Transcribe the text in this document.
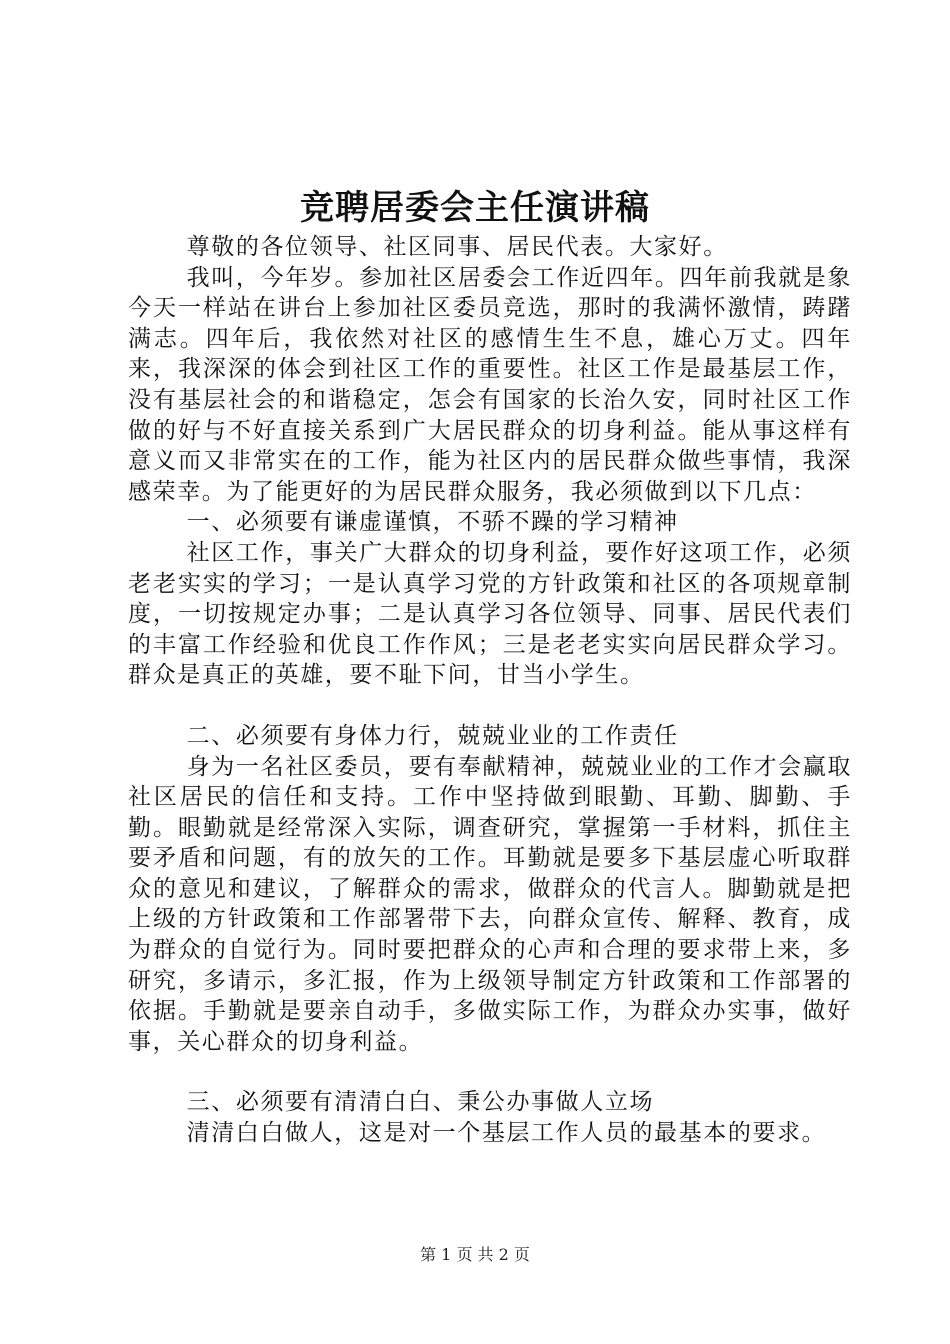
竞聘居委会主任演讲稿

尊敬的各位领导、社区同事、居民代表。大家好。

我叫，今年岁。参加社区居委会工作近四年。四年前我就是象今天一样站在讲台上参加社区委员竞选，那时的我满怀激情，踌躇满志。四年后，我依然对社区的感情生生不息，雄心万丈。四年来，我深深的体会到社区工作的重要性。社区工作是最基层工作，没有基层社会的和谐稳定，怎会有国家的长治久安，同时社区工作做的好与不好直接关系到广大居民群众的切身利益。能从事这样有意义而又非常实在的工作，能为社区内的居民群众做些事情，我深感荣幸。为了能更好的为居民群众服务，我必须做到以下几点：

一、必须要有谦虚谨慎，不骄不躁的学习精神

社区工作，事关广大群众的切身利益，要作好这项工作，必须老老实实的学习；一是认真学习党的方针政策和社区的各项规章制度，一切按规定办事；二是认真学习各位领导、同事、居民代表们的丰富工作经验和优良工作作风；三是老老实实向居民群众学习。群众是真正的英雄，要不耻下问，甘当小学生。

二、必须要有身体力行，兢兢业业的工作责任

身为一名社区委员，要有奉献精神，兢兢业业的工作才会赢取社区居民的信任和支持。工作中坚持做到眼勤、耳勤、脚勤、手勤。眼勤就是经常深入实际，调查研究，掌握第一手材料，抓住主要矛盾和问题，有的放矢的工作。耳勤就是要多下基层虚心听取群众的意见和建议，了解群众的需求，做群众的代言人。脚勤就是把上级的方针政策和工作部署带下去，向群众宣传、解释、教育，成为群众的自觉行为。同时要把群众的心声和合理的要求带上来，多研究，多请示，多汇报，作为上级领导制定方针政策和工作部署的依据。手勤就是要亲自动手，多做实际工作，为群众办实事，做好事，关心群众的切身利益。

三、必须要有清清白白、秉公办事做人立场

清清白白做人，这是对一个基层工作人员的最基本的要求。

第 1 页 共 2 页
